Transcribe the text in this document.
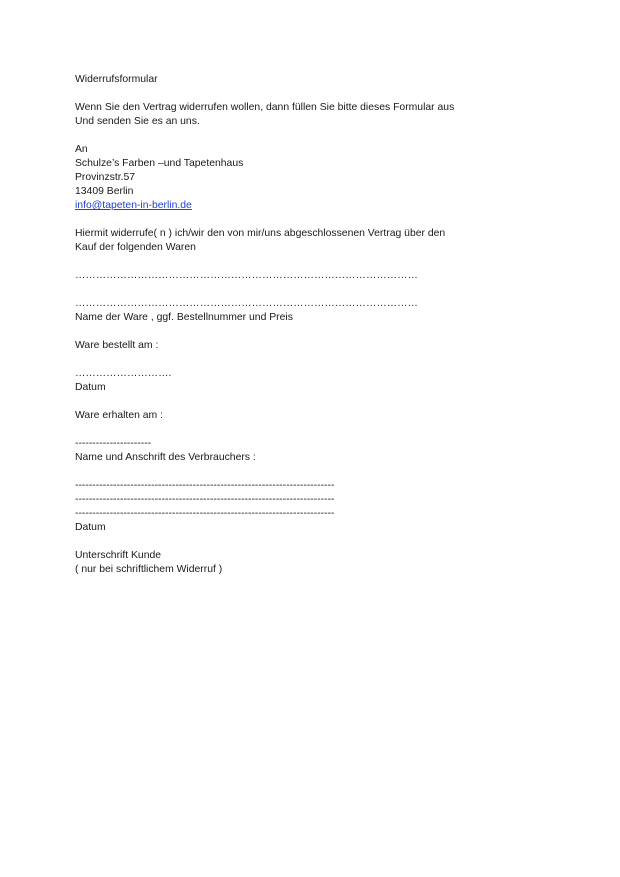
Widerrufsformular
Wenn Sie den Vertrag widerrufen wollen, dann füllen Sie bitte dieses Formular aus
Und senden Sie es an uns.
An
Schulze’s Farben –und Tapetenhaus
Provinzstr.57
13409 Berlin
info@tapeten-in-berlin.de
Hiermit widerrufe( n ) ich/wir den von mir/uns abgeschlossenen Vertrag über den
Kauf der folgenden Waren
………………………………………………………………………………………
………………………………………………………………………………………
Name der Ware , ggf. Bestellnummer und Preis
Ware bestellt am :
……………………….
Datum
Ware erhalten am :
----------------------
Name und Anschrift des Verbrauchers :
---------------------------------------------------------------------------
---------------------------------------------------------------------------
---------------------------------------------------------------------------
Datum
Unterschrift Kunde
( nur bei schriftlichem Widerruf )
